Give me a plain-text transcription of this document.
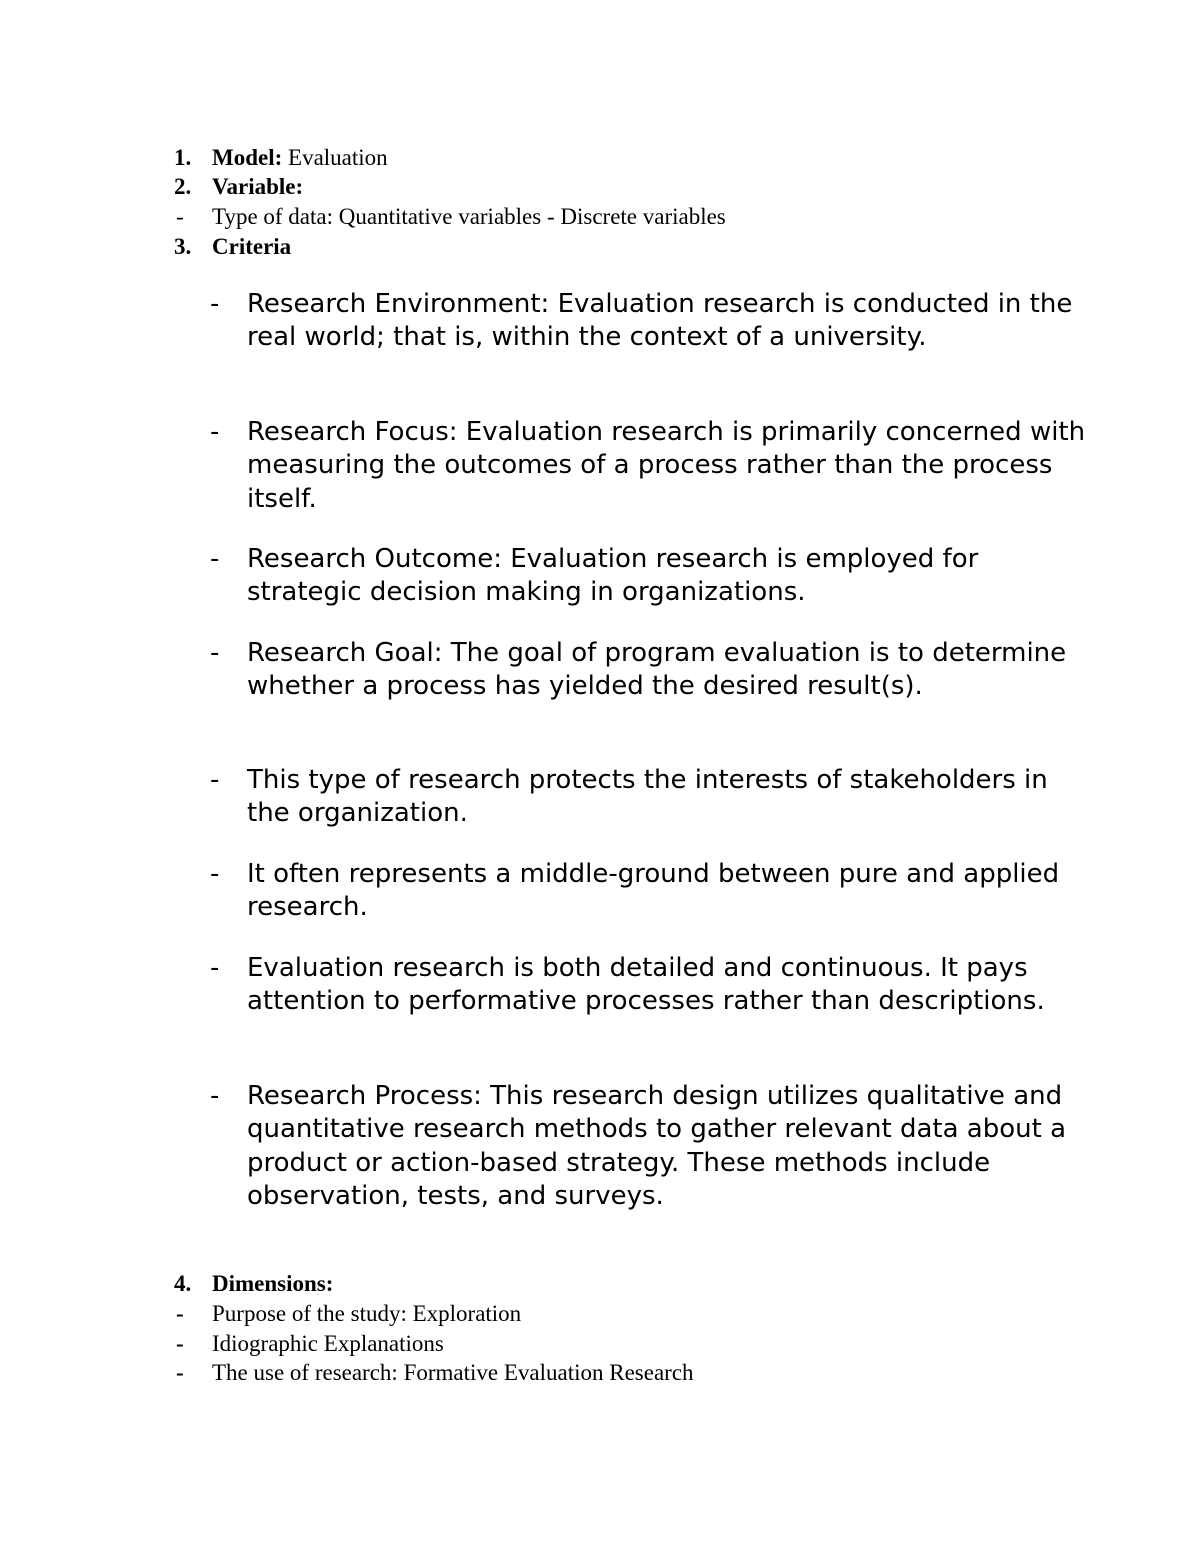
1. Model: Evaluation
2. Variable:
- Type of data: Quantitative variables - Discrete variables
3. Criteria
- Research Environment: Evaluation research is conducted in the real world; that is, within the context of a university.
- Research Focus: Evaluation research is primarily concerned with measuring the outcomes of a process rather than the process itself.
- Research Outcome: Evaluation research is employed for strategic decision making in organizations.
- Research Goal: The goal of program evaluation is to determine whether a process has yielded the desired result(s).
- This type of research protects the interests of stakeholders in the organization.
- It often represents a middle-ground between pure and applied research.
- Evaluation research is both detailed and continuous. It pays attention to performative processes rather than descriptions.
- Research Process: This research design utilizes qualitative and quantitative research methods to gather relevant data about a product or action-based strategy. These methods include observation, tests, and surveys.
4. Dimensions:
- Purpose of the study: Exploration
- Idiographic Explanations
- The use of research: Formative Evaluation Research
